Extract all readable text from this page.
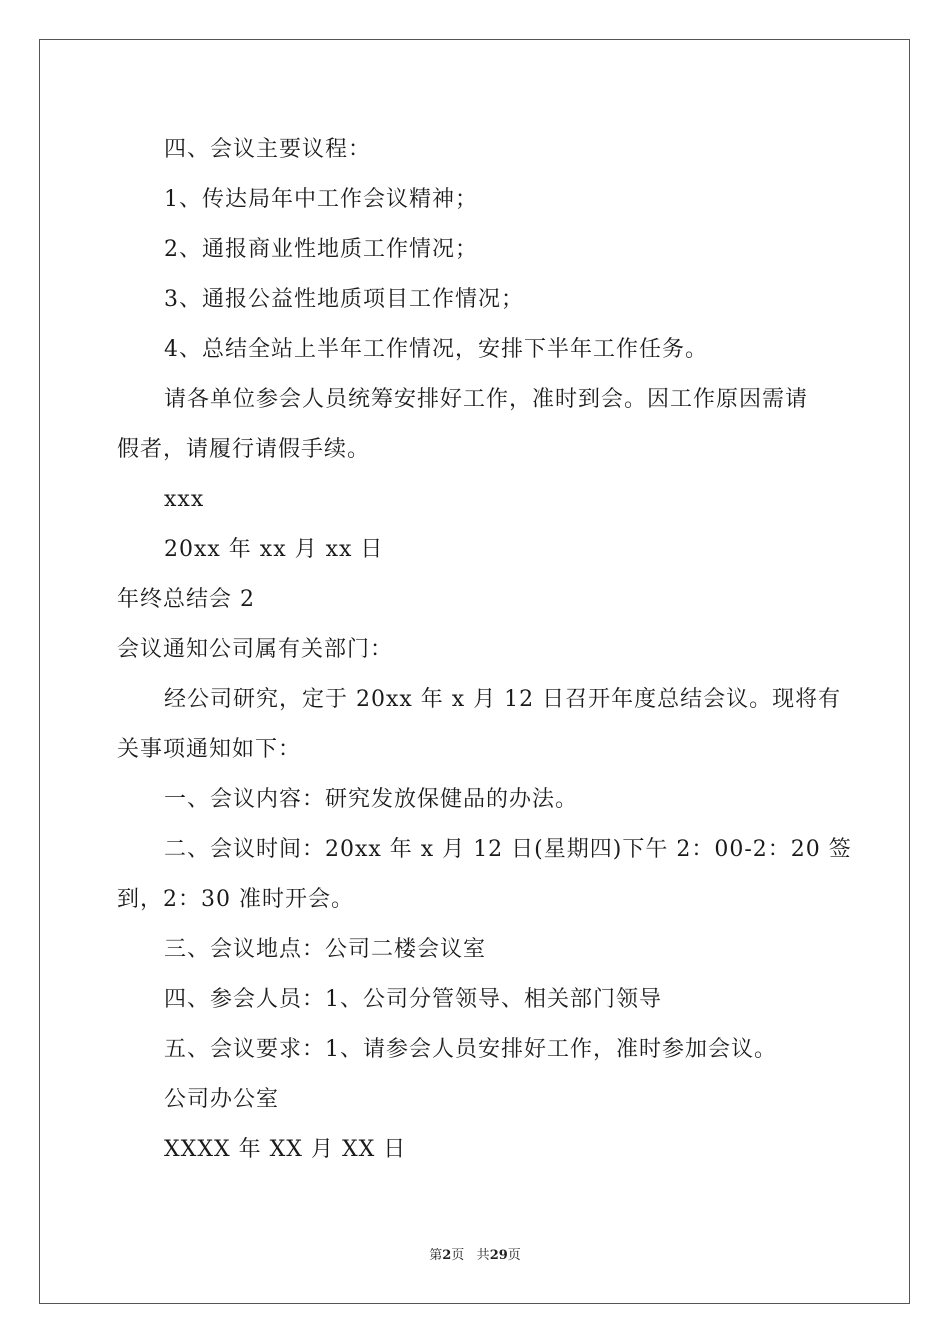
四、会议主要议程：
1、传达局年中工作会议精神；
2、通报商业性地质工作情况；
3、通报公益性地质项目工作情况；
4、总结全站上半年工作情况，安排下半年工作任务。
请各单位参会人员统筹安排好工作，准时到会。因工作原因需请
假者，请履行请假手续。
xxx
20xx 年 xx 月 xx 日
年终总结会 2
会议通知公司属有关部门：
经公司研究，定于 20xx 年 x 月 12 日召开年度总结会议。现将有
关事项通知如下：
一、会议内容：研究发放保健品的办法。
二、会议时间：20xx 年 x 月 12 日(星期四)下午 2：00-2：20 签
到，2：30 准时开会。
三、会议地点：公司二楼会议室
四、参会人员：1、公司分管领导、相关部门领导
五、会议要求：1、请参会人员安排好工作，准时参加会议。
公司办公室
XXXX 年 XX 月 XX 日
第2页 共29页
